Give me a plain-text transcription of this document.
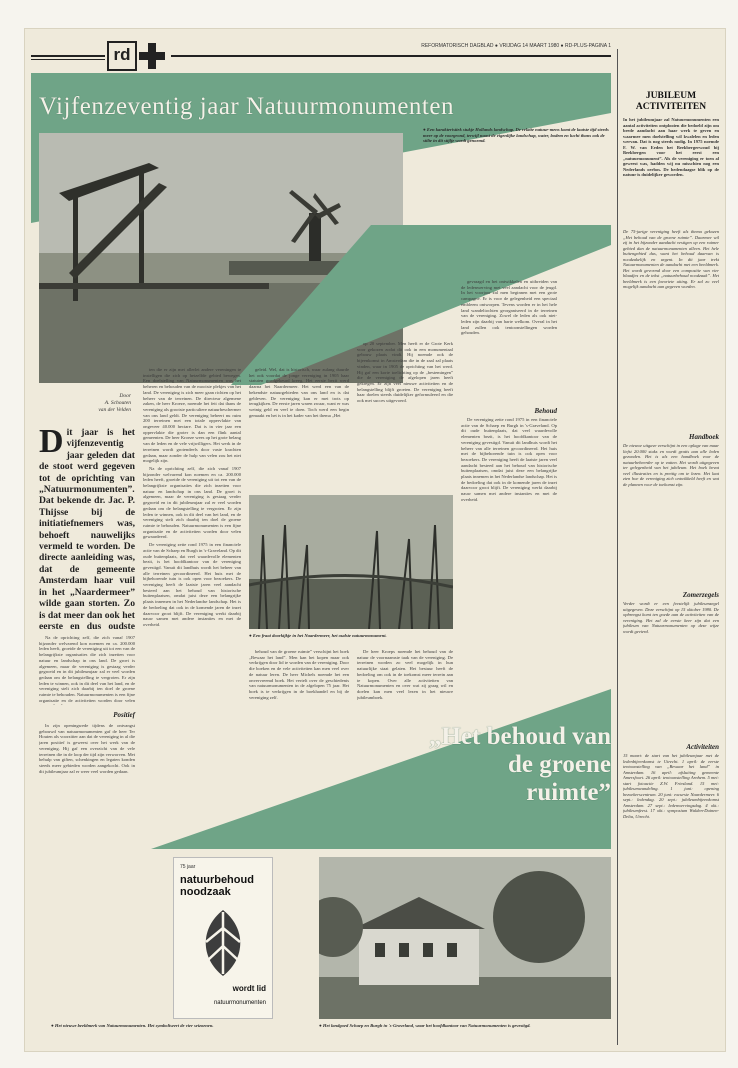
rd	REFORMATORISCH DAGBLAD ● VRIJDAG 14 MAART 1980 ● RD-PLUS-PAGINA 1
Vijfenzeventig jaar Natuurmonumenten
● Een karakteristiek stukje Hollands landschap. De relatie natuur-mens komt de laatste tijd steeds meer op de voorgrond, terwijl naast de eigenlijke landschap, water, bodem en lucht thans ook de stilte in dit stijlje wordt genoemd.
Door
A. Schouten
van der Velden
Dit jaar is het vijfenzeventig jaar geleden dat de stoot werd gegeven tot de oprichting van „Natuurmonumenten”. Dat bekende dr. Jac. P. Thijsse bij de initiatiefnemers was, behoeft nauwelijks vermeld te worden. De directe aanleiding was, dat de gemeente Amsterdam haar vuil in het „Naardermeer” wilde gaan storten. Zo is dat meer dan ook het eerste en dus oudste

Na de oprichting zelf, die zich vanaf 1907 bijzonder welvarend kon noemen en ca. 200.000 leden heeft, groeide de vereniging uit tot een van de belangrijkste organisaties die zich inzetten voor natuur en landschap in ons land. De groei is algemeen, maar de vereniging is gestaag verder gegroeid en in dit jubileumjaar zal er veel worden gedaan om de belangstelling te vergroten. Er zijn leden te winnen, ook in dit deel van het land, en de vereniging stelt zich daarbij ten doel de groene ruimte te behouden. Natuurmonumenten is een fijne organisatie en de activiteiten worden door velen

Positief

In zijn openingsrede tijdens de ontvangst gebouwd van natuurmonumenten gaf de heer Ter Houten als voorzitter aan dat de vereniging in al die jaren positief is geweest over het werk van de vereniging. Hij gaf een overzicht van de vele terreinen die in de loop der tijd zijn verworven. Met behulp van giften, schenkingen en legaten konden steeds meer gebieden worden aangekocht. Ook in dit jubileumjaar zal er weer veel worden gedaan.

ten die er zijn met allerlei andere vereningen te instelligen die zich op hetzelfde gebied bewegen. Een doelstelling van Natuurmonumenten was het beheren en behouden van de mooiste plekjes van het land. De vereniging is zich meer gaan richten op het beheer van de terreinen. De directeur algemene zaken, de heer Kroeze, noemde het feit dat thans de vereniging als grootste particuliere natuurbeschermer van ons land geldt. De vereniging beheert nu ruim 200 terreinen met een totale oppervlakte van ongeveer 40.000 hectare. Dat is in vier jaar een oppervlakte die groter is dan een flink aantal gemeenten. De heer Kroeze wees op het grote belang van de leden en de vele vrijwilligers. Het werk in de terreinen wordt grotendeels door vaste krachten gedaan, maar zonder de hulp van velen zou het niet mogelijk zijn.

Na de oprichting zelf, die zich vanaf 1907 bijzonder welvarend kon noemen en ca. 200.000 leden heeft, groeide de vereniging uit tot een van de belangrijkste organisaties die zich inzetten voor natuur en landschap in ons land. De groei is algemeen, maar de vereniging is gestaag verder gegroeid en in dit jubileumjaar zal er veel worden gedaan om de belangstelling te vergroten. Er zijn leden te winnen, ook in dit deel van het land, en de vereniging stelt zich daarbij ten doel de groene ruimte te behouden. Natuurmonumenten is een fijne organisatie en de activiteiten worden door velen gewaardeerd.

De vereniging zette rond 1975 in een financiele actie van de Schaep en Burgh in 's-Graveland. Op dit oude buitenplaats, dat veel waardevolle elementen bezit, is het hoofdkantoor van de vereniging gevestigd. Vanuit dit landhuis wordt het beheer van alle terreinen gecoordineerd. Het huis met de bijbehorende tuin is ook open voor bezoekers. De vereniging heeft de laatste jaren veel aandacht besteed aan het behoud van historische buitenplaatsen, omdat juist deze een belangrijke plaats innemen in het Nederlandse landschap. Het is de bedoeling dat ook in de komende jaren de inzet daarvoor groot blijft. De vereniging werkt daarbij nauw samen met andere instanties en met de overheid.

geleid. Wel, dat is historisch, waar zulang duurde het ook voordat de jonge vereniging in 1905 haar statuten goedgekeurd kreeg. Het eerste bezit werd daarna het Naardermeer. Het werd een van de bekendste natuurgebieden van ons land en is dat gebleven. De vereniging kan er met trots op terugkijken. De eerste jaren waren zwaar, want er was weinig geld en veel te doen. Toch werd een begin gemaakt en het is in het kader van het thema „Het

op 20 september. Men heeft er de Grote Kerk voor gekozen zodat dit ook in een monumentaal gebouw plaats vindt. Hij noemde ook de bijeenkomst in Amsterdam die in de zaal zal plaats vinden, waar in 1905 de oprichting van het werd. Hij gaf een korte toelichting op de „bestemingen” die de vereniging de afgelopen jaren heeft gekregen. Er zijn veel nieuwe activiteiten en de belangstelling blijft groeien. De vereniging heeft haar doelen steeds duidelijker geformuleerd en die ook met succes uitgevoerd.

gevraagd en het ontwikkelen en uitbreiden van de ledenwerving met veel aandacht voor de jeugd. In het voorjaar zal men beginnen met een grote campagne. Er is voor de gelegenheid een speciaal embleem ontworpen. Tevens worden er in het hele land wandeltochten georganiseerd in de terreinen van de vereniging. Zowel de leden als ook niet-leden zijn daarbij van harte welkom. Overal in het land zullen ook tentoonstellingen worden gehouden.

Behoud

De vereniging zette rond 1975 in een financiele actie van de Schaep en Burgh in 's-Graveland. Op dit oude buitenplaats, dat veel waardevolle elementen bezit, is het hoofdkantoor van de vereniging gevestigd. Vanuit dit landhuis wordt het beheer van alle terreinen gecoordineerd. Het huis met de bijbehorende tuin is ook open voor bezoekers. De vereniging heeft de laatste jaren veel aandacht besteed aan het behoud van historische buitenplaatsen, omdat juist deze een belangrijke plaats innemen in het Nederlandse landschap. Het is de bedoeling dat ook in de komende jaren de inzet daarvoor groot blijft. De vereniging werkt daarbij nauw samen met andere instanties en met de overheid.

● Een fraai doorkijkje in het Naardermeer, het oudste natuurmonument.

behoud van de groene ruimte” verschijnt het boek „Bewaar het land”. Men kan het kopen maar ook verkrijgen door lid te worden van de vereniging. Door die boeken en de vele activiteiten kan men veel over de natuur leren. De heer Michels noemde het een onvervreemd boek. Het vertelt over de geschiedenis van natuurmonumenten in de afgelopen 75 jaar. Het boek is te verkrijgen in de boekhandel en bij de vereniging zelf.

De heer Kroeps noemde het behoud van de natuur de voornaamste taak van de vereniging. De terreinen worden zo veel mogelijk in hun natuurlijke staat gelaten. Het bestuur heeft de bedoeling om ook in de toekomst meer terrein aan te kopen. Over alle activiteiten van Natuurmonumenten en over wat zij graag wil en doelen kan men veel lezen in het nieuwe jubileumboek.

„Het behoud van de groene ruimte”
75 jaar
natuurbehoud
noodzaak
wordt lid
natuurmonumenten
● Het nieuwe beeldmerk van Natuurmonumenten. Het symboliseert de vier seizoenen.	● Het landgoed Schaep en Burgh in 's-Graveland, waar het hoofdkantoor van Natuurmonumenten is gevestigd.
JUBILEUM ACTIVITEITEN

In het jubileumjaar zal Natuurmonumenten een aantal activiteiten ontplooien die bedoeld zijn om brede aandacht aan haar werk te geven en waarmee men doelstelling wil kwalelen en leden wervan. Dat is nog steeds nodig. In 1975 noemde F. W. van Eeden het Beekbergerwoud bij Beekbergen voor het eerst een „natuurmonument”. Als de vereniging er toen al geweest was, hadden wij nu misschien nog een Nederlands oerbos. De hedendaagse blik op de natuur is duidelijker geworden.

De 75-jarige vereniging heeft als thema gekozen „Het behoud van de groene ruimte”. Daarmee wil zij in het bijzonder aandacht vestigen op een ruimer gebied dan de natuurmonumenten alleen. Het hele buitengebied dus, want het behoud daarvan is noodzakelijk en urgent. In dit jaar trekt Natuurmonumenten de aandacht met een beeldmerk. Het wordt gevormd door een compositie van vier blaadjes en de tekst „natuurbehoud noodzaak”. Het beeldmerk is een favoriete uiting. Er zal zo veel mogelijk aandacht aan gegeven worden.

Handboek

De nieuwe uitgave verschijnt in een oplage van maar liefst 20.000 stuks en wordt gratis aan alle leden gezonden. Het is als een handboek voor de natuurbeheerder op te vatten. Het wordt uitgegeven ter gelegenheid van het jubileum. Het boek bevat veel illustraties en is prettig om te lezen. Het laat zien hoe de vereniging zich ontwikkeld heeft en wat de plannen voor de toekomst zijn.

Zomerzegels

Verder wordt er een feestelijk jubileumzegel uitgegeven. Deze verschijnt op 15 oktober 1980. De opbrengst komt ten goede aan de activiteiten van de vereniging. Het zal de eerste keer zijn dat een jubileum van Natuurmonumenten op deze wijze wordt gevierd.

Activiteiten

15 maart: de start van het jubileumjaar met de ledenbijeenkomst te Utrecht. 1 april: de eerste tentoonstelling van „Bewaar het land” in Amsterdam. 16 april: afsluiting gemeente Amersfoort. 26 april: tentoonstelling Arnhem. 5 mei: start fotoactie Z.W. Friesland. 15 mei: jubileumwandeling. 1 juni: opening bezoekerscentrum. 20 juni: excursie Naardermeer. 6 sept.: ledendag. 20 sept.: jubileumbijeenkomst Amsterdam. 27 sept.: ledenwervingsdag. 4 okt.: jubileumfeest. 17 okt.: symposium Walden-Duinen-Delta, Utrecht.
